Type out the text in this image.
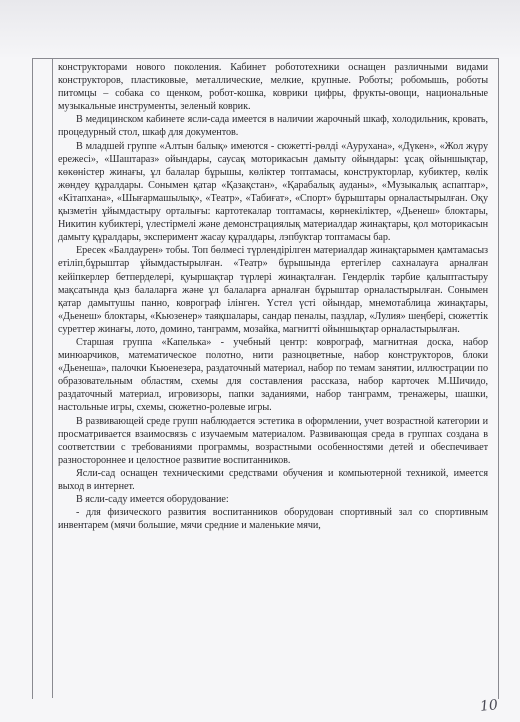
конструкторами нового поколения. Кабинет робототехники оснащен различными видами конструкторов, пластиковые, металлические, мелкие, крупные. Роботы; робомышь, роботы питомцы – собака со щенком, робот-кошка, коврики цифры, фрукты-овощи, национальные музыкальные инструменты, зеленый коврик.

В медицинском кабинете ясли-сада имеется в наличии жарочный шкаф, холодильник, кровать, процедурный стол, шкаф для документов.

В младшей группе «Алтын балық» имеются - сюжетті-рөлді «Аурухана», «Дүкен», «Жол жүру ережесі», «Шаштараз» ойындары, саусақ моторикасын дамыту ойындары: ұсақ ойыншықтар, көкөністер жинағы, ұл балалар бұрышы, көліктер топтамасы, конструкторлар, кубиктер, көлік жөндеу құралдары. Сонымен қатар «Қазақстан», «Қарабалық ауданы», «Музыкалық аспаптар», «Кітапхана», «Шығармашылық», «Театр», «Табиғат», «Спорт» бұрыштары орналастырылған. Оқу қызметін ұйымдастыру орталығы: картотекалар топтамасы, көрнекіліктер, «Дьенеш» блоктары, Никитин кубиктері, үлестірмелі және демонстрациялық материалдар жинақтары, қол моторикасын дамыту құралдары, эксперимент жасау құралдары, лэпбуктар топтамасы бар.

Ересек «Балдаурен» тобы. Топ бөлмесі түрлендірілген материалдар жинақтарымен қамтамасыз етіліп,бұрыштар ұйымдастырылған. «Театр» бұрышында ертегілер сахналауға арналған кейіпкерлер бетперделері, қуыршақтар түрлері жинақталған. Гендерлік тәрбие қалыптастыру мақсатында қыз балаларға және ұл балаларға арналған бұрыштар орналастырылған. Сонымен қатар дамытушы панно, коврограф ілінген. Үстел үсті ойындар, мнемотаблица жинақтары, «Дьенеш» блоктары, «Кьюзенер» таяқшалары, сандар пеналы, паздлар, «Лулия» шеңбері, сюжеттік суреттер жинағы, лото, домино, танграмм, мозайка, магнитті ойыншықтар орналастырылған.

Старшая группа «Капелька» - учебный центр: коврограф, магнитная доска, набор минюарчиков, математическое полотно, нити разноцветные, набор конструкторов, блоки «Дьенеша», палочки Кьюенезера, раздаточный материал, набор по темам занятии, иллюстрации по образовательным областям, схемы для составления рассказа, набор карточек М.Шичидо, раздаточный материал, игровизоры, папки заданиями, набор танграмм, тренажеры, шашки, настольные игры, схемы, сюжетно-ролевые игры.

В развивающей среде групп наблюдается эстетика в оформлении, учет возрастной категории и просматривается взаимосвязь с изучаемым материалом. Развивающая среда в группах создана в соответствии с требованиями программы, возрастными особенностями детей и обеспечивает разностороннее и целостное развитие воспитанников.

Ясли-сад оснащен техническими средствами обучения и компьютерной техникой, имеется выход в интернет.

В ясли-саду имеется оборудование:

- для физического развития воспитанников оборудован спортивный зал со спортивным инвентарем (мячи большие, мячи средние и маленькие мячи,

10
